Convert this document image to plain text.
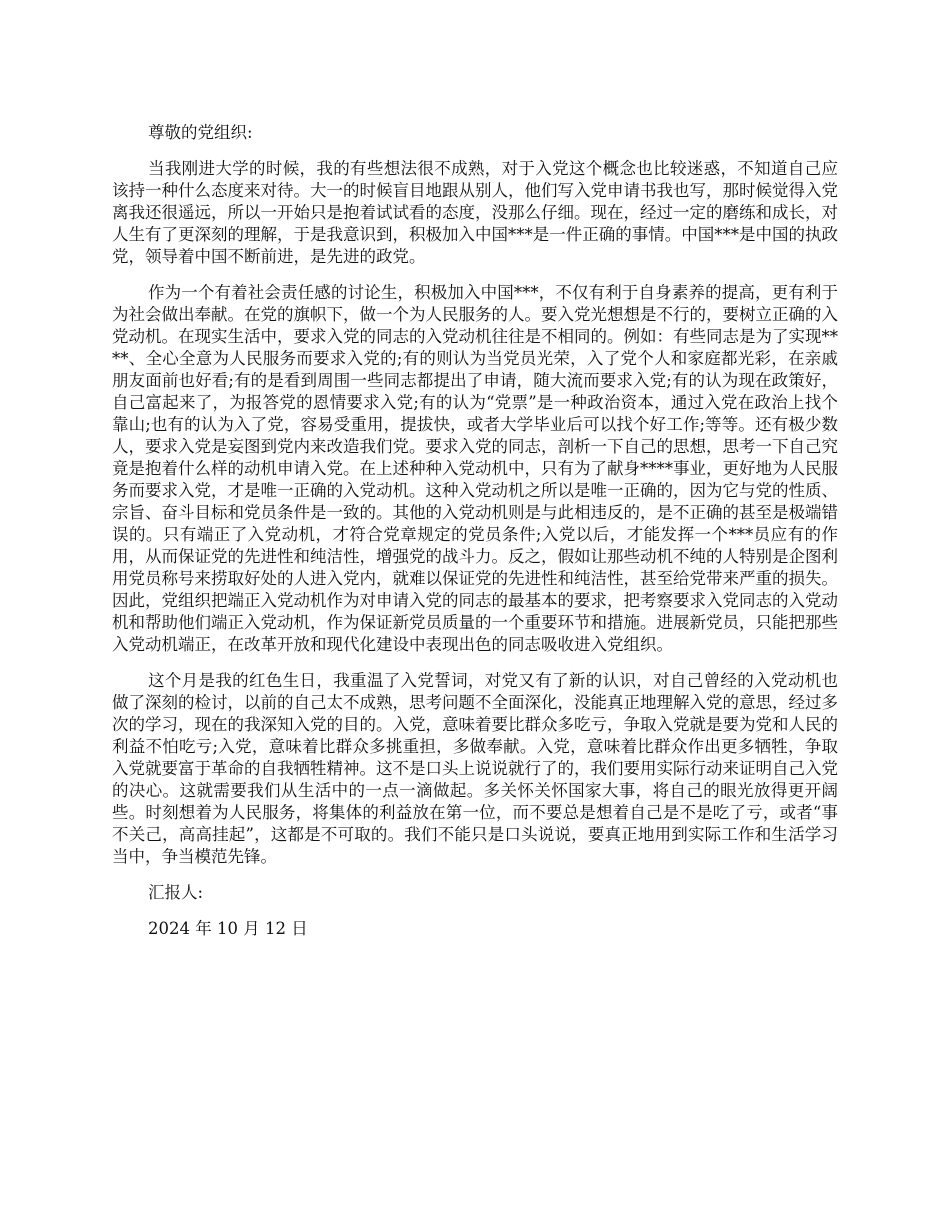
尊敬的党组织:

当我刚进大学的时候，我的有些想法很不成熟，对于入党这个概念也比较迷惑，不知道自己应该持一种什么态度来对待。大一的时候盲目地跟从别人，他们写入党申请书我也写，那时候觉得入党离我还很遥远，所以一开始只是抱着试试看的态度，没那么仔细。现在，经过一定的磨练和成长，对人生有了更深刻的理解，于是我意识到，积极加入中国***是一件正确的事情。中国***是中国的执政党，领导着中国不断前进，是先进的政党。

作为一个有着社会责任感的讨论生，积极加入中国***，不仅有利于自身素养的提高，更有利于为社会做出奉献。在党的旗帜下，做一个为人民服务的人。要入党光想想是不行的，要树立正确的入党动机。在现实生活中，要求入党的同志的入党动机往往是不相同的。例如：有些同志是为了实现****、全心全意为人民服务而要求入党的;有的则认为当党员光荣，入了党个人和家庭都光彩，在亲戚朋友面前也好看;有的是看到周围一些同志都提出了申请，随大流而要求入党;有的认为现在政策好，自己富起来了，为报答党的恩情要求入党;有的认为“党票”是一种政治资本，通过入党在政治上找个靠山;也有的认为入了党，容易受重用，提拔快，或者大学毕业后可以找个好工作;等等。还有极少数人，要求入党是妄图到党内来改造我们党。要求入党的同志，剖析一下自己的思想，思考一下自己究竟是抱着什么样的动机申请入党。在上述种种入党动机中，只有为了献身****事业，更好地为人民服务而要求入党，才是唯一正确的入党动机。这种入党动机之所以是唯一正确的，因为它与党的性质、宗旨、奋斗目标和党员条件是一致的。其他的入党动机则是与此相违反的，是不正确的甚至是极端错误的。只有端正了入党动机，才符合党章规定的党员条件;入党以后，才能发挥一个***员应有的作用，从而保证党的先进性和纯洁性，增强党的战斗力。反之，假如让那些动机不纯的人特别是企图利用党员称号来捞取好处的人进入党内，就难以保证党的先进性和纯洁性，甚至给党带来严重的损失。因此，党组织把端正入党动机作为对申请入党的同志的最基本的要求，把考察要求入党同志的入党动机和帮助他们端正入党动机，作为保证新党员质量的一个重要环节和措施。进展新党员，只能把那些入党动机端正，在改革开放和现代化建设中表现出色的同志吸收进入党组织。

这个月是我的红色生日，我重温了入党誓词，对党又有了新的认识，对自己曾经的入党动机也做了深刻的检讨，以前的自己太不成熟，思考问题不全面深化，没能真正地理解入党的意思，经过多次的学习，现在的我深知入党的目的。入党，意味着要比群众多吃亏，争取入党就是要为党和人民的利益不怕吃亏;入党，意味着比群众多挑重担，多做奉献。入党，意味着比群众作出更多牺牲，争取入党就要富于革命的自我牺牲精神。这不是口头上说说就行了的，我们要用实际行动来证明自己入党的决心。这就需要我们从生活中的一点一滴做起。多关怀关怀国家大事，将自己的眼光放得更开阔些。时刻想着为人民服务，将集体的利益放在第一位，而不要总是想着自己是不是吃了亏，或者“事不关己，高高挂起”，这都是不可取的。我们不能只是口头说说，要真正地用到实际工作和生活学习当中，争当模范先锋。

汇报人:

2024 年 10 月 12 日
